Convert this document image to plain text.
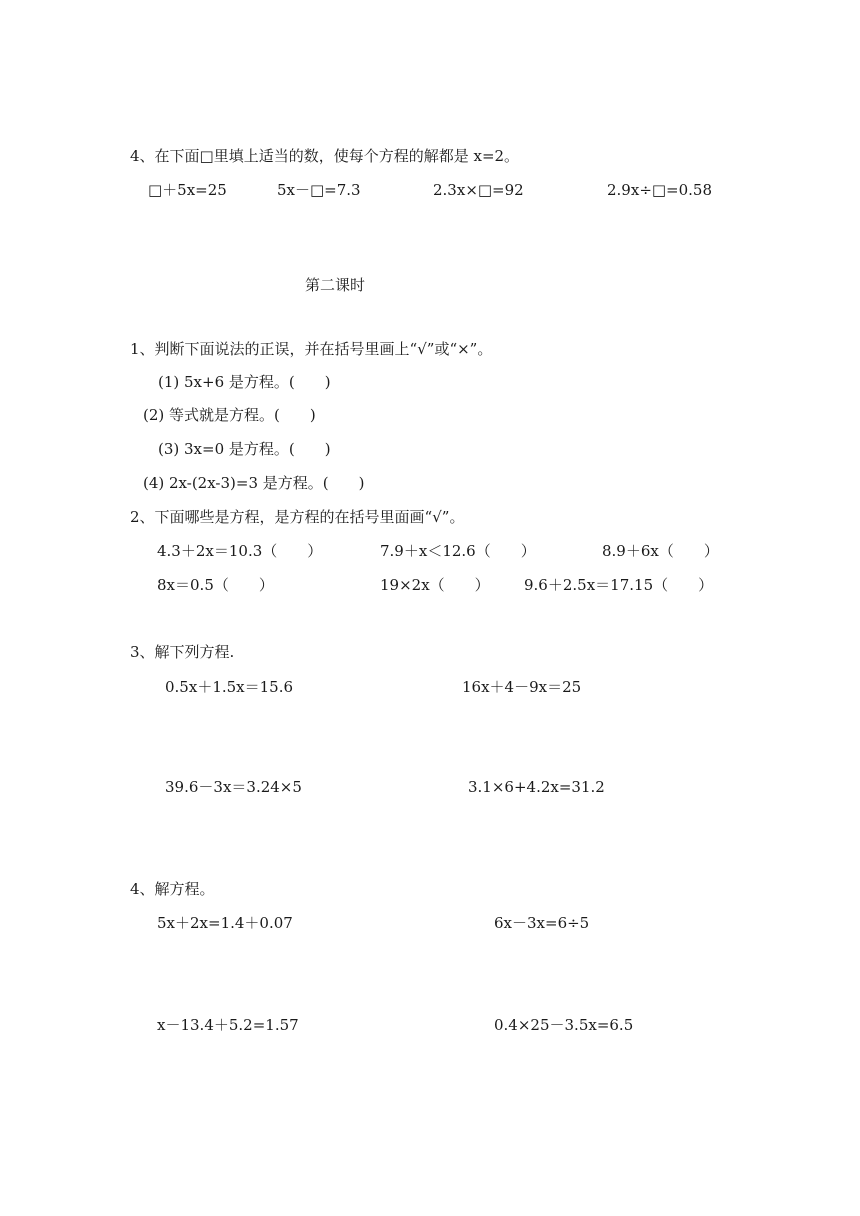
4、在下面□里填上适当的数，使每个方程的解都是 x=2。
□＋5x=25	5x－□=7.3	2.3x×□=92	2.9x÷□=0.58
第二课时
1、判断下面说法的正误，并在括号里画上“√”或“×”。
(1) 5x+6 是方程。(　　)
(2) 等式就是方程。(　　)
(3) 3x=0 是方程。(　　)
(4) 2x-(2x-3)=3 是方程。(　　)
2、下面哪些是方程，是方程的在括号里面画“√”。
4.3＋2x＝10.3（　　）	7.9＋x＜12.6（　　）	8.9＋6x（　　）
8x＝0.5（　　）	19×2x（　　） 9.6＋2.5x＝17.15（　　）
3、解下列方程.
0.5x＋1.5x＝15.6	16x＋4－9x＝25
39.6－3x＝3.24×5	3.1×6+4.2x=31.2
4、解方程。
5x＋2x=1.4＋0.07	6x－3x=6÷5
x－13.4＋5.2=1.57	0.4×25－3.5x=6.5
